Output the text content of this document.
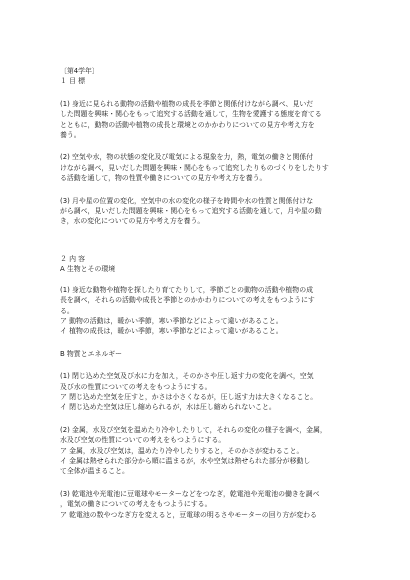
〔第4学年〕
１ 目 標
(1) 身近に見られる動物の活動や植物の成長を季節と関係付けながら調べ、見いだ
した問題を興味・関心をもって追究する活動を通して，生物を愛護する態度を育てる
とともに，動物の活動や植物の成長と環境とのかかわりについての見方や考え方を
養う。
(2) 空気や水，物の状態の変化及び電気による現象を力，熱，電気の働きと関係付
けながら調べ，見いだした問題を興味・関心をもって追究したりものづくりをしたりす
る活動を通して，物の性質や働きについての見方や考え方を養う。
(3) 月や星の位置の変化，空気中の水の変化の様子を時間や水の性質と関係付けな
がら調べ，見いだした問題を興味・関心をもって追究する活動を通して，月や星の動
き，水の変化についての見方や考え方を養う。
２ 内 容
A 生物とその環境
(1) 身近な動物や植物を探したり育てたりして，季節ごとの動物の活動や植物の成
長を調べ，それらの活動や成長と季節とのかかわりについての考えをもつようにす
る。
ア 動物の活動は，暖かい季節，寒い季節などによって違いがあること。
イ 植物の成長は，暖かい季節，寒い季節などによって違いがあること。
B 物質とエネルギー
(1) 閉じ込めた空気及び水に力を加え，そのかさや圧し返す力の変化を調べ，空気
及び水の性質についての考えをもつようにする。
ア 閉じ込めた空気を圧すと，かさは小さくなるが，圧し返す力は大きくなること。
イ 閉じ込めた空気は圧し縮められるが，水は圧し縮められないこと。
(2) 金属，水及び空気を温めたり冷やしたりして，それらの変化の様子を調べ，金属，
水及び空気の性質についての考えをもつようにする。
ア 金属，水及び空気は，温めたり冷やしたりすると，そのかさが変わること。
イ 金属は熱せられた部分から順に温まるが，水や空気は熱せられた部分が移動し
て全体が温まること。
(3) 乾電池や光電池に豆電球やモーターなどをつなぎ，乾電池や光電池の働きを調べ
，電気の働きについての考えをもつようにする。
ア 乾電池の数やつなぎ方を変えると，豆電球の明るさやモーターの回り方が変わる
